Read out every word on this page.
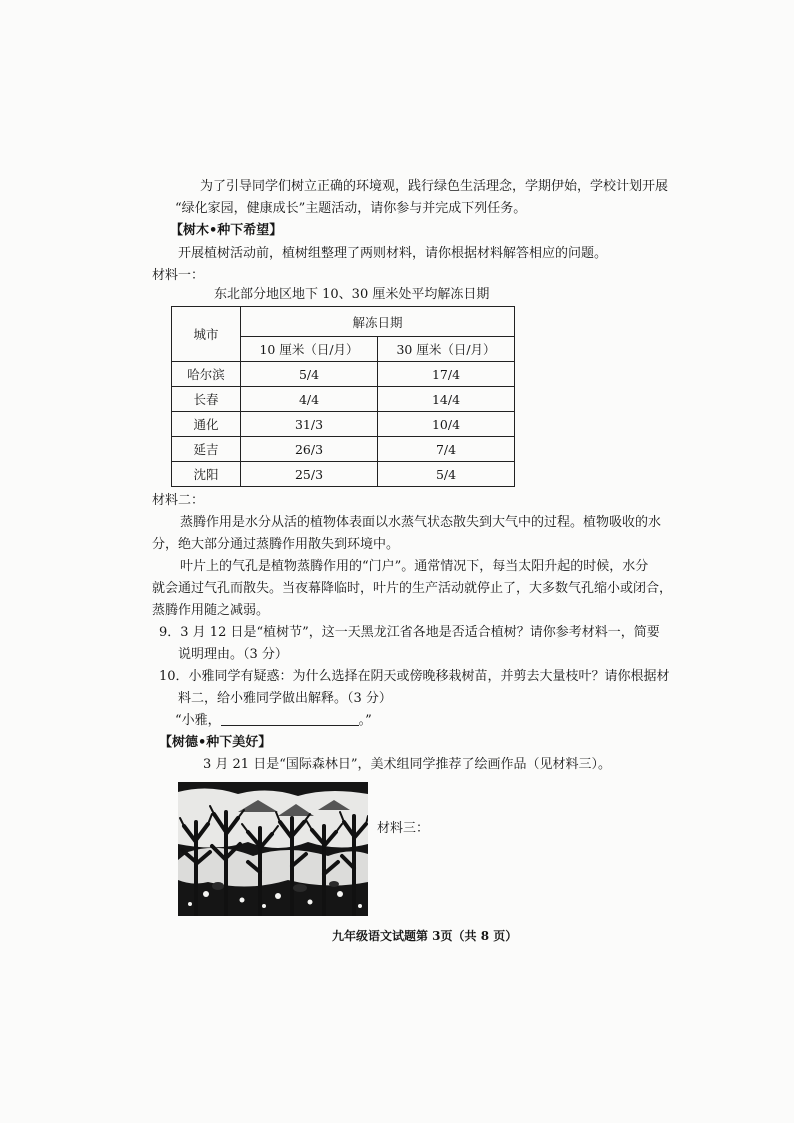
为了引导同学们树立正确的环境观，践行绿色生活理念，学期伊始，学校计划开展
“绿化家园，健康成长”主题活动，请你参与并完成下列任务。
【树木•种下希望】
开展植树活动前，植树组整理了两则材料，请你根据材料解答相应的问题。
材料一：
东北部分地区地下 10、30 厘米处平均解冻日期
城市	解冻日期	
	10 厘米（日/月）	30 厘米（日/月）
哈尔滨	5/4	17/4
长春	4/4	14/4
通化	31/3	10/4
延吉	26/3	7/4
沈阳	25/3	5/4
材料二：
蒸腾作用是水分从活的植物体表面以水蒸气状态散失到大气中的过程。植物吸收的水
分，绝大部分通过蒸腾作用散失到环境中。
叶片上的气孔是植物蒸腾作用的“门户”。通常情况下，每当太阳升起的时候，水分
就会通过气孔而散失。当夜幕降临时，叶片的生产活动就停止了，大多数气孔缩小或闭合，
蒸腾作用随之减弱。
9．3 月 12 日是“植树节”，这一天黑龙江省各地是否适合植树？请你参考材料一，简要
说明理由。（3 分）
10．小雅同学有疑惑：为什么选择在阴天或傍晚移栽树苗，并剪去大量枝叶？请你根据材
料二，给小雅同学做出解释。（3 分）
“小雅，	。”
【树德•种下美好】
3 月 21 日是“国际森林日”，美术组同学推荐了绘画作品（见材料三）。
材料三：
九年级语文试题第 3页（共 8 页）
